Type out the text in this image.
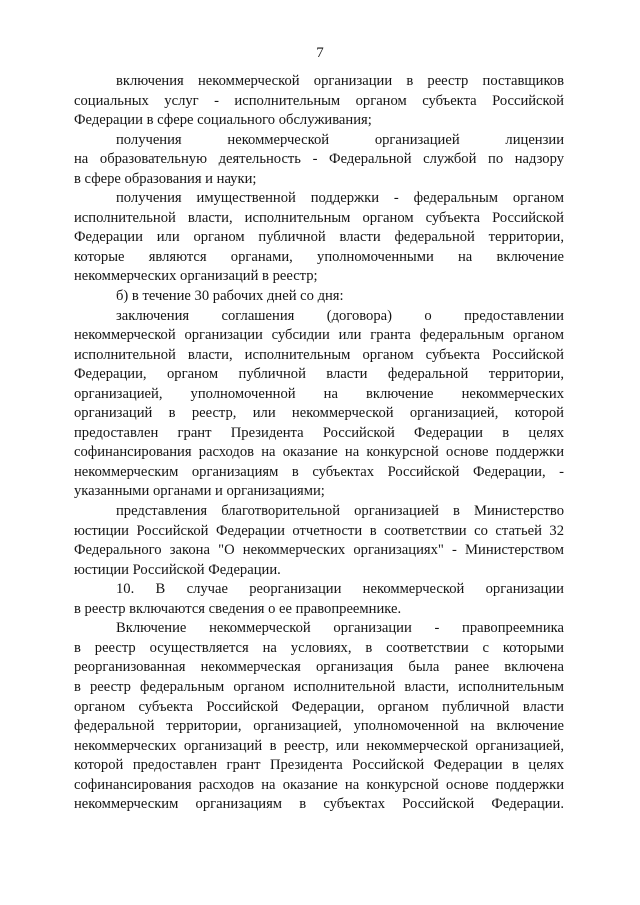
7
включения некоммерческой организации в реестр поставщиков
социальных услуг - исполнительным органом субъекта Российской
Федерации в сфере социального обслуживания;
получения некоммерческой организацией лицензии
на образовательную деятельность - Федеральной службой по надзору
в сфере образования и науки;
получения имущественной поддержки - федеральным органом
исполнительной власти, исполнительным органом субъекта Российской
Федерации или органом публичной власти федеральной территории,
которые являются органами, уполномоченными на включение
некоммерческих организаций в реестр;
б) в течение 30 рабочих дней со дня:
заключения соглашения (договора) о предоставлении
некоммерческой организации субсидии или гранта федеральным органом
исполнительной власти, исполнительным органом субъекта Российской
Федерации, органом публичной власти федеральной территории,
организацией, уполномоченной на включение некоммерческих
организаций в реестр, или некоммерческой организацией, которой
предоставлен грант Президента Российской Федерации в целях
софинансирования расходов на оказание на конкурсной основе поддержки
некоммерческим организациям в субъектах Российской Федерации, -
указанными органами и организациями;
представления благотворительной организацией в Министерство
юстиции Российской Федерации отчетности в соответствии со статьей 32
Федерального закона "О некоммерческих организациях" - Министерством
юстиции Российской Федерации.
10. В случае реорганизации некоммерческой организации
в реестр включаются сведения о ее правопреемнике.
Включение некоммерческой организации - правопреемника
в реестр осуществляется на условиях, в соответствии с которыми
реорганизованная некоммерческая организация была ранее включена
в реестр федеральным органом исполнительной власти, исполнительным
органом субъекта Российской Федерации, органом публичной власти
федеральной территории, организацией, уполномоченной на включение
некоммерческих организаций в реестр, или некоммерческой организацией,
которой предоставлен грант Президента Российской Федерации в целях
софинансирования расходов на оказание на конкурсной основе поддержки
некоммерческим организациям в субъектах Российской Федерации.
